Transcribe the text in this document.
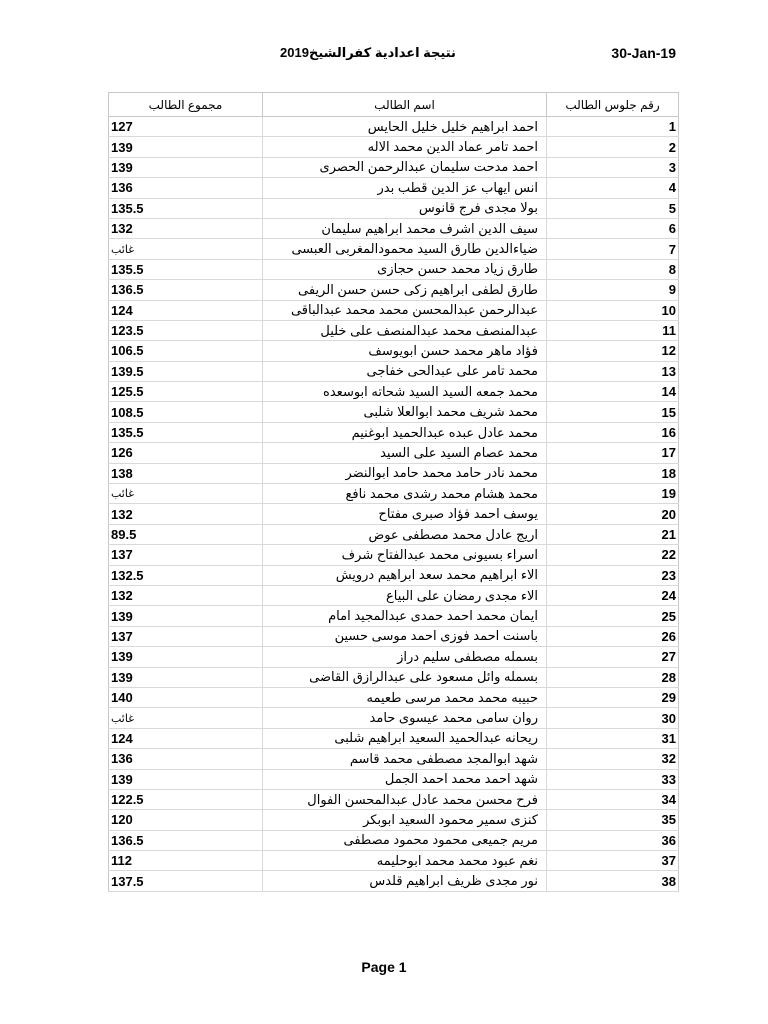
نتيجة اعدادية كفرالشيخ2019	30-Jan-19
مجموع الطالب	اسم الطالب	رقم جلوس الطالب
127	احمد ابراهيم خليل خليل الحايس	1
139	احمد تامر عماد الدين محمد الاله	2
139	احمد مدحت سليمان عبدالرحمن الحصرى	3
136	انس ايهاب عز الدين قطب بدر	4
135.5	بولا مجدى فرج قانوس	5
132	سيف الدين اشرف محمد ابراهيم سليمان	6
غائب	ضياءالدين طارق السيد محمودالمغربى العبسى	7
135.5	طارق زياد محمد حسن حجازى	8
136.5	طارق لطفى ابراهيم زكى حسن حسن الريفى	9
124	عبدالرحمن عبدالمحسن محمد محمد عبدالباقى	10
123.5	عبدالمنصف محمد عبدالمنصف على خليل	11
106.5	فؤاد ماهر محمد حسن ابويوسف	12
139.5	محمد تامر على عبدالحى خفاجى	13
125.5	محمد جمعه السيد السيد شحاته ابوسعده	14
108.5	محمد شريف محمد ابوالعلا شلبى	15
135.5	محمد عادل عبده عبدالحميد ابوغنيم	16
126	محمد عصام السيد على السيد	17
138	محمد نادر حامد محمد حامد ابوالنضر	18
غائب	محمد هشام محمد رشدى محمد نافع	19
132	يوسف احمد فؤاد صبرى مفتاح	20
89.5	اريج عادل محمد مصطفى عوض	21
137	اسراء بسيونى محمد عبدالفتاح شرف	22
132.5	الاء ابراهيم محمد سعد ابراهيم درويش	23
132	الاء مجدى رمضان على البياع	24
139	ايمان محمد احمد حمدى عبدالمجيد امام	25
137	باسنت احمد فوزى احمد موسى حسين	26
139	بسمله مصطفى سليم دراز	27
139	بسمله وائل مسعود على عبدالرازق القاضى	28
140	حبيبه محمد محمد مرسى طعيمه	29
غائب	روان سامى محمد عيسوى حامد	30
124	ريحانه عبدالحميد السعيد ابراهيم شلبى	31
136	شهد ابوالمجد مصطفى محمد قاسم	32
139	شهد احمد محمد احمد الجمل	33
122.5	فرح محسن محمد عادل عبدالمحسن الفوال	34
120	كنزى سمير محمود السعيد ابوبكر	35
136.5	مريم جميعى محمود محمود مصطفى	36
112	نغم عبود محمد محمد ابوحليمه	37
137.5	نور مجدى ظريف ابراهيم قلدس	38
Page 1
